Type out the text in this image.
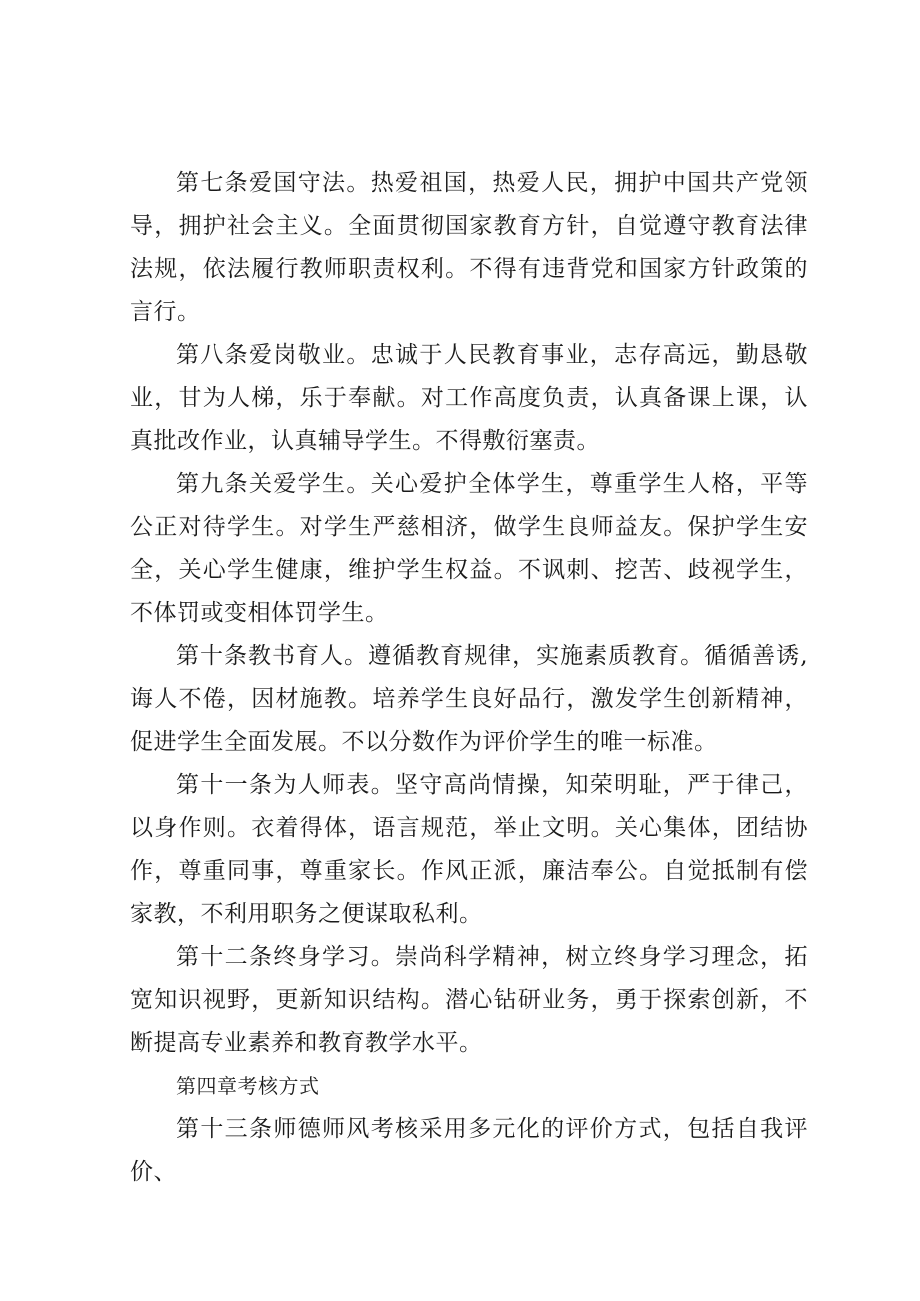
第七条爱国守法。热爱祖国，热爱人民，拥护中国共产党领导，拥护社会主义。全面贯彻国家教育方针，自觉遵守教育法律法规，依法履行教师职责权利。不得有违背党和国家方针政策的言行。

第八条爱岗敬业。忠诚于人民教育事业，志存高远，勤恳敬业，甘为人梯，乐于奉献。对工作高度负责，认真备课上课，认真批改作业，认真辅导学生。不得敷衍塞责。

第九条关爱学生。关心爱护全体学生，尊重学生人格，平等公正对待学生。对学生严慈相济，做学生良师益友。保护学生安全，关心学生健康，维护学生权益。不讽刺、挖苦、歧视学生，不体罚或变相体罚学生。

第十条教书育人。遵循教育规律，实施素质教育。循循善诱,诲人不倦，因材施教。培养学生良好品行，激发学生创新精神，促进学生全面发展。不以分数作为评价学生的唯一标准。

第十一条为人师表。坚守高尚情操，知荣明耻，严于律己，以身作则。衣着得体，语言规范，举止文明。关心集体，团结协作，尊重同事，尊重家长。作风正派，廉洁奉公。自觉抵制有偿家教，不利用职务之便谋取私利。

第十二条终身学习。崇尚科学精神，树立终身学习理念，拓宽知识视野，更新知识结构。潜心钻研业务，勇于探索创新，不断提高专业素养和教育教学水平。

第四章考核方式

第十三条师德师风考核采用多元化的评价方式，包括自我评价、
